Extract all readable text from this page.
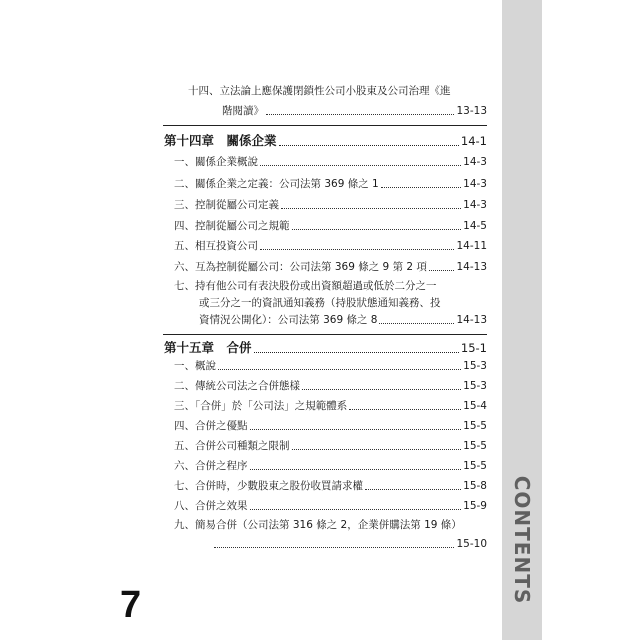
CONTENTS
十四、立法論上應保護閉鎖性公司小股東及公司治理《進
階閱讀》	13-13
第十四章　關係企業	14-1
一、關係企業概說	14-3
二、關係企業之定義：公司法第 369 條之 1	14-3
三、控制從屬公司定義	14-3
四、控制從屬公司之規範	14-5
五、相互投資公司	14-11
六、互為控制從屬公司：公司法第 369 條之 9 第 2 項	14-13
七、持有他公司有表決股份或出資額超過或低於二分之一
或三分之一的資訊通知義務（持股狀態通知義務、投
資情況公開化）：公司法第 369 條之 8	14-13
第十五章　合併	15-1
一、概說	15-3
二、傳統公司法之合併態樣	15-3
三、「合併」於「公司法」之規範體系	15-4
四、合併之優點	15-5
五、合併公司種類之限制	15-5
六、合併之程序	15-5
七、合併時，少數股東之股份收買請求權	15-8
八、合併之效果	15-9
九、簡易合併（公司法第 316 條之 2，企業併購法第 19 條）
15-10
7
